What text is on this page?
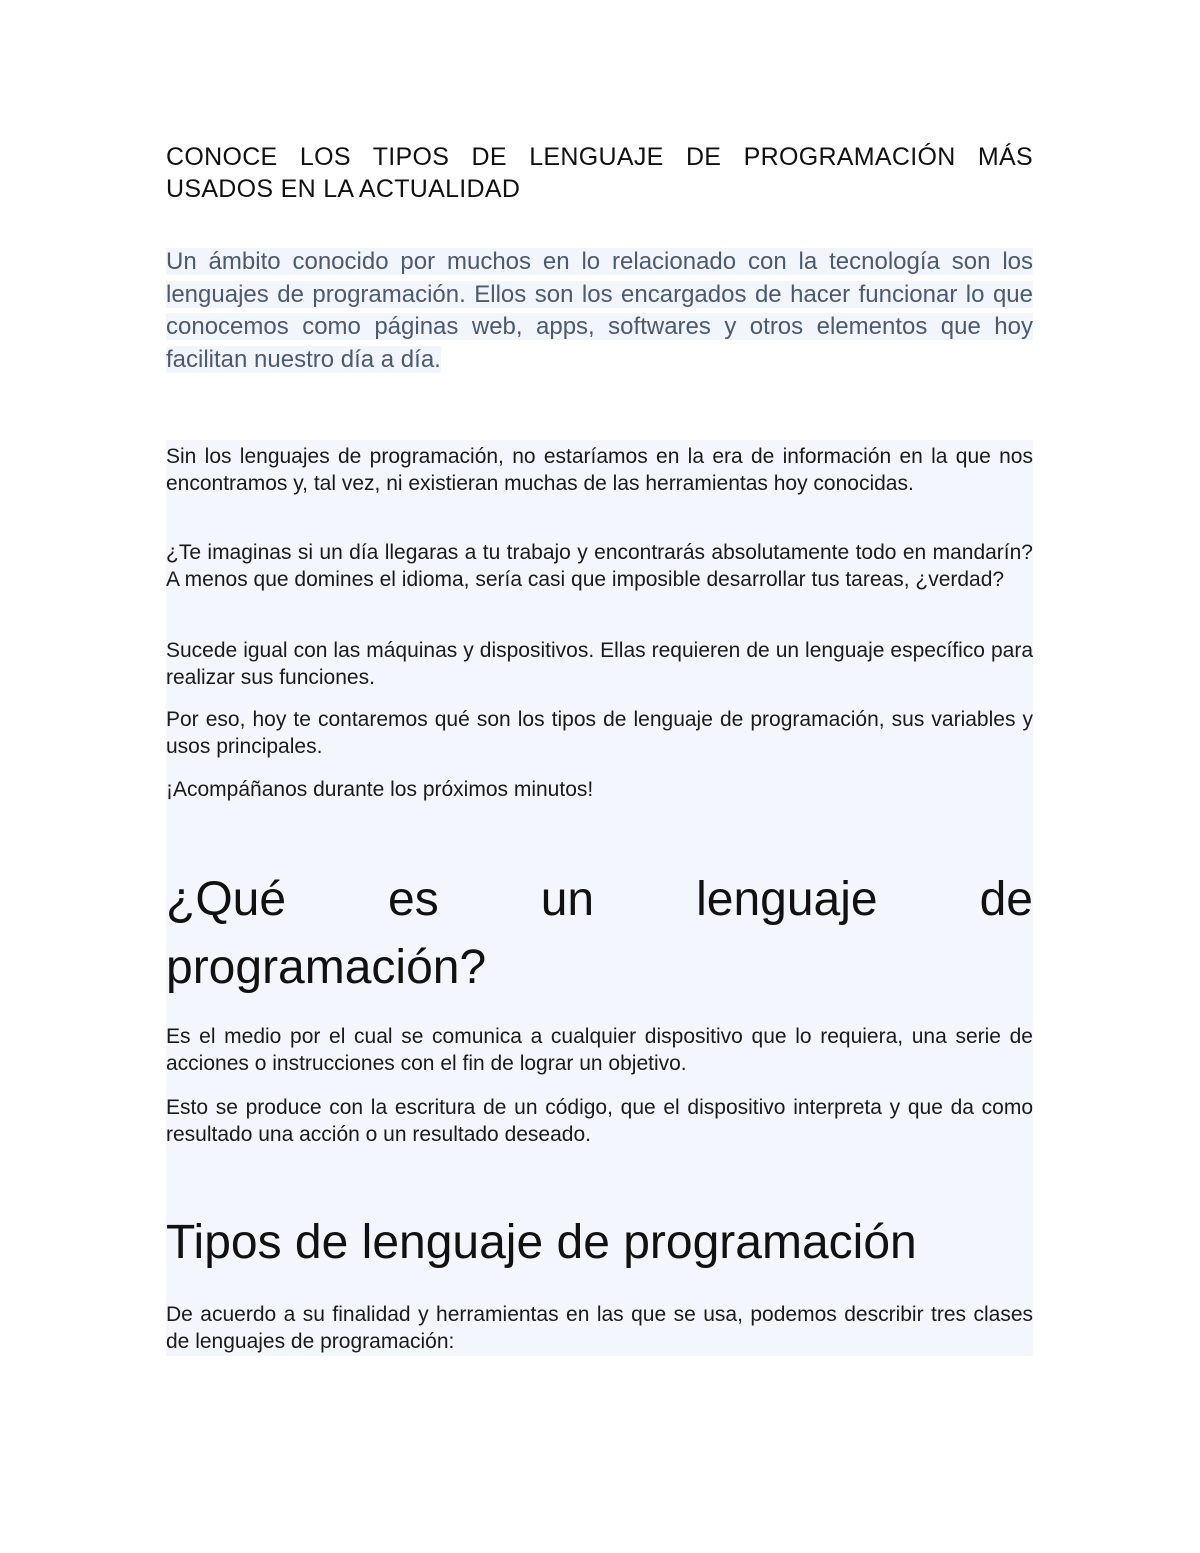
CONOCE LOS TIPOS DE LENGUAJE DE PROGRAMACIÓN MÁS USADOS EN LA ACTUALIDAD

Un ámbito conocido por muchos en lo relacionado con la tecnología son los lenguajes de programación. Ellos son los encargados de hacer funcionar lo que conocemos como páginas web, apps, softwares y otros elementos que hoy facilitan nuestro día a día.

Sin los lenguajes de programación, no estaríamos en la era de información en la que nos encontramos y, tal vez, ni existieran muchas de las herramientas hoy conocidas.

¿Te imaginas si un día llegaras a tu trabajo y encontrarás absolutamente todo en mandarín? A menos que domines el idioma, sería casi que imposible desarrollar tus tareas, ¿verdad?

Sucede igual con las máquinas y dispositivos. Ellas requieren de un lenguaje específico para realizar sus funciones.

Por eso, hoy te contaremos qué son los tipos de lenguaje de programación, sus variables y usos principales.

¡Acompáñanos durante los próximos minutos!

¿Qué es un lenguaje de
programación?

Es el medio por el cual se comunica a cualquier dispositivo que lo requiera, una serie de acciones o instrucciones con el fin de lograr un objetivo.

Esto se produce con la escritura de un código, que el dispositivo interpreta y que da como resultado una acción o un resultado deseado.

Tipos de lenguaje de programación

De acuerdo a su finalidad y herramientas en las que se usa, podemos describir tres clases de lenguajes de programación:
